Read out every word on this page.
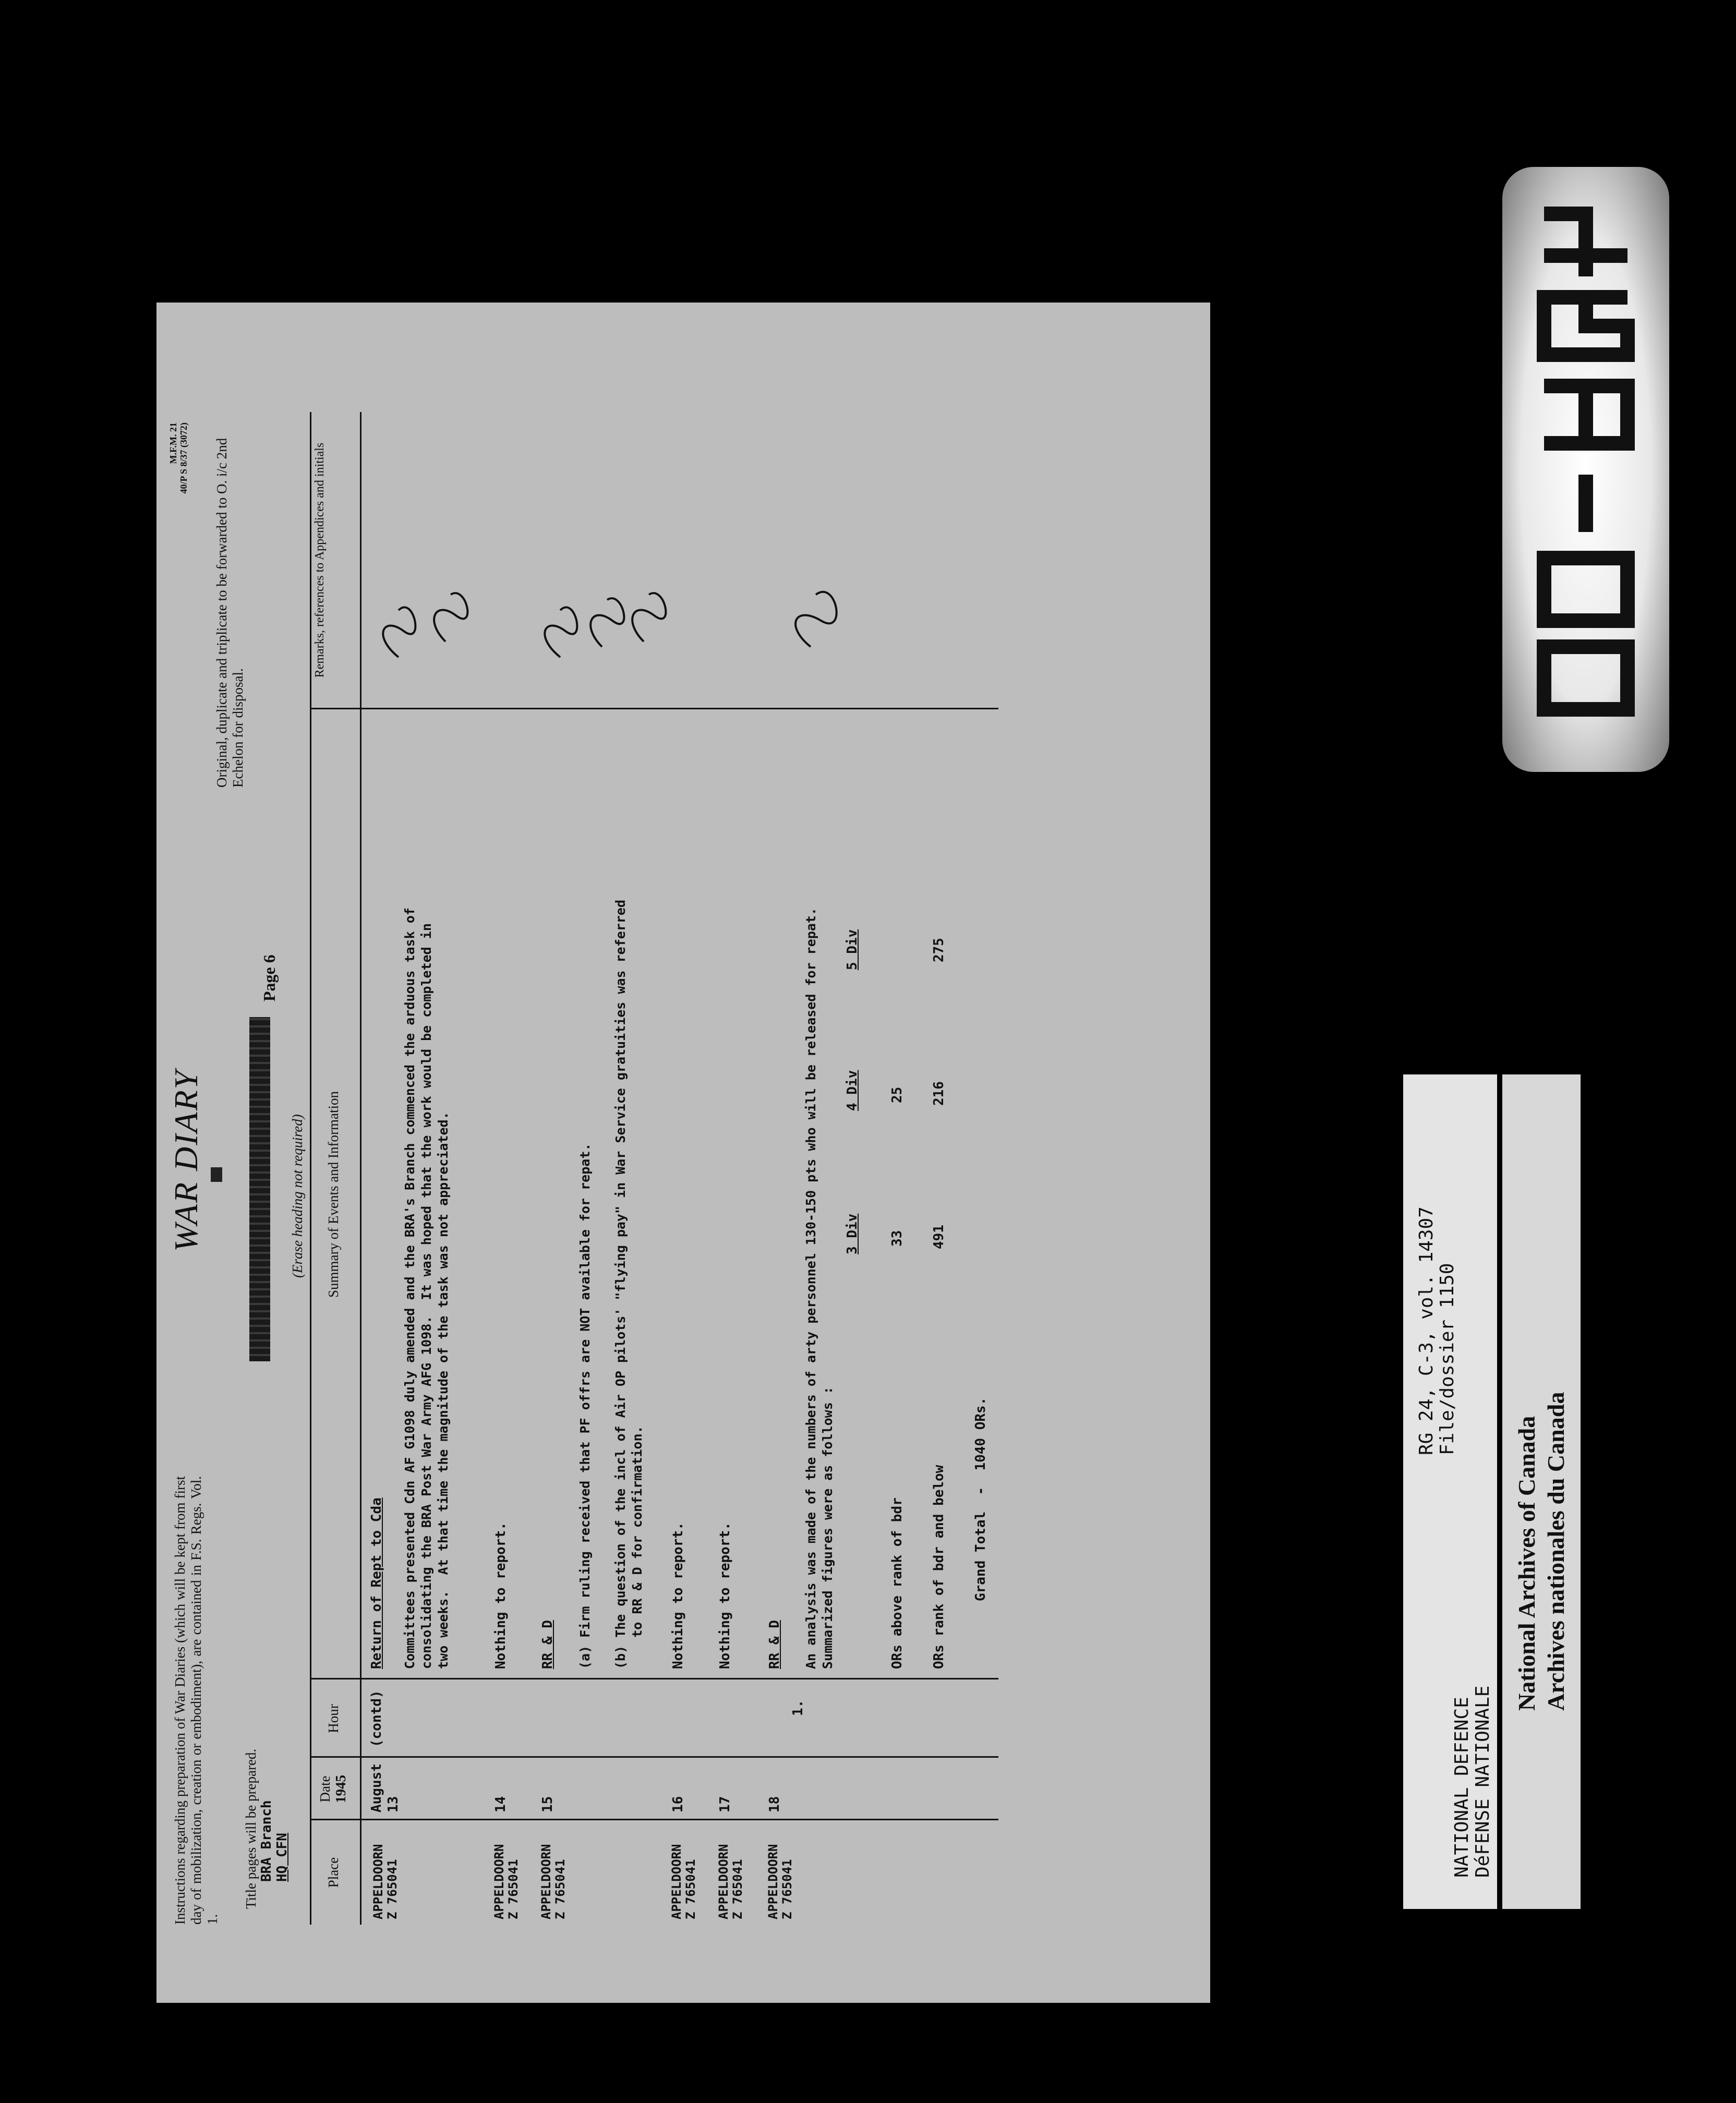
Instructions regarding preparation of War Diaries (which will be kept from first day of mobilization, creation or embodiment), are contained in F.S. Regs. Vol. 1.
Title pages will be prepared. BRA Branch HQ CFN
WAR DIARY	(Erase heading not required)
M.F.M. 21 40/P S 8/37 (3072) Original, duplicate and triplicate to be forwarded to O. i/c 2nd Echelon for disposal.
Page 6
Place
Date 1945
Hour
Summary of Events and Information
Remarks, references to Appendices and initials
APPELDOORN
Z 765041
August
13
(contd)
Return of Rept to Cda Committees presented Cdn AF G1098 duly amended and the BRA's Branch commenced the arduous task of
consolidating the BRA Post War Army AFG 1098.  It was hoped that the work would be completed in
two weeks.  At that time the magnitude of the task was not appreciated.
APPELDOORN
Z 765041
14
Nothing to report.
APPELDOORN
Z 765041
15
RR & D (a) Firm ruling received that PF offrs are NOT available for repat. (b) The question of the incl of Air OP pilots' "flying pay" in War Service gratuities was referred
to RR & D for confirmation.
APPELDOORN
Z 765041
16
Nothing to report.
APPELDOORN
Z 765041
17
Nothing to report.
APPELDOORN
Z 765041
18
1.
RR & D An analysis was made of the numbers of arty personnel 130-150 pts who will be released for repat.
Summarized figures were as follows :
3 Div
4 Div
5 Div
ORs above rank of bdr
33
25
ORs rank of bdr and below
491
216
275
Grand Total  -  1040 ORs.
RG 24, C-3, vol. 14307 File/dossier 1150
NATIONAL DEFENCE DéFENSE NATIONALE
National Archives of Canada Archives nationales du Canada
